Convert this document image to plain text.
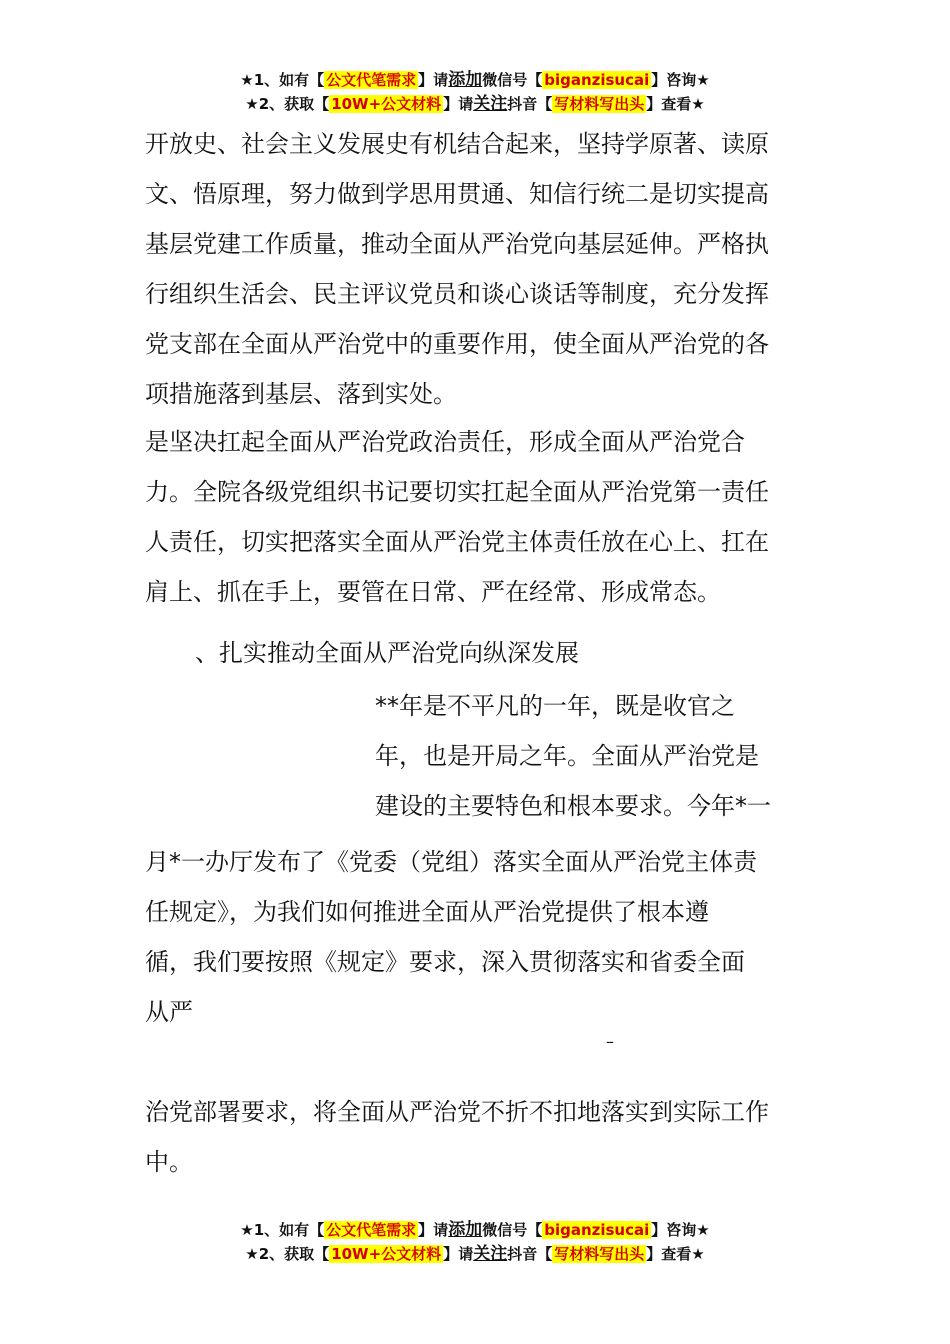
★1、如有【 公文代笔需求 】请添加微信号【 biganzisucai 】咨询★
★2、获取【 10W+公文材料 】请关注抖音【 写材料写出头 】查看★
开放史、社会主义发展史有机结合起来，坚持学原著、读原
文、悟原理，努力做到学思用贯通、知信行统二是切实提高
基层党建工作质量，推动全面从严治党向基层延伸。严格执
行组织生活会、民主评议党员和谈心谈话等制度，充分发挥
党支部在全面从严治党中的重要作用，使全面从严治党的各
项措施落到基层、落到实处。
是坚决扛起全面从严治党政治责任，形成全面从严治党合
力。全院各级党组织书记要切实扛起全面从严治党第一责任
人责任，切实把落实全面从严治党主体责任放在心上、扛在
肩上、抓在手上，要管在日常、严在经常、形成常态。
、扎实推动全面从严治党向纵深发展
**年是不平凡的一年，既是收官之
年，也是开局之年。全面从严治党是
建设的主要特色和根本要求。今年*一
月*一办厅发布了《党委（党组）落实全面从严治党主体责
任规定》，为我们如何推进全面从严治党提供了根本遵
循，我们要按照《规定》要求，深入贯彻落实和省委全面
从严
–
治党部署要求，将全面从严治党不折不扣地落实到实际工作
中。
★1、如有【 公文代笔需求 】请添加微信号【 biganzisucai 】咨询★
★2、获取【 10W+公文材料 】请关注抖音【 写材料写出头 】查看★
